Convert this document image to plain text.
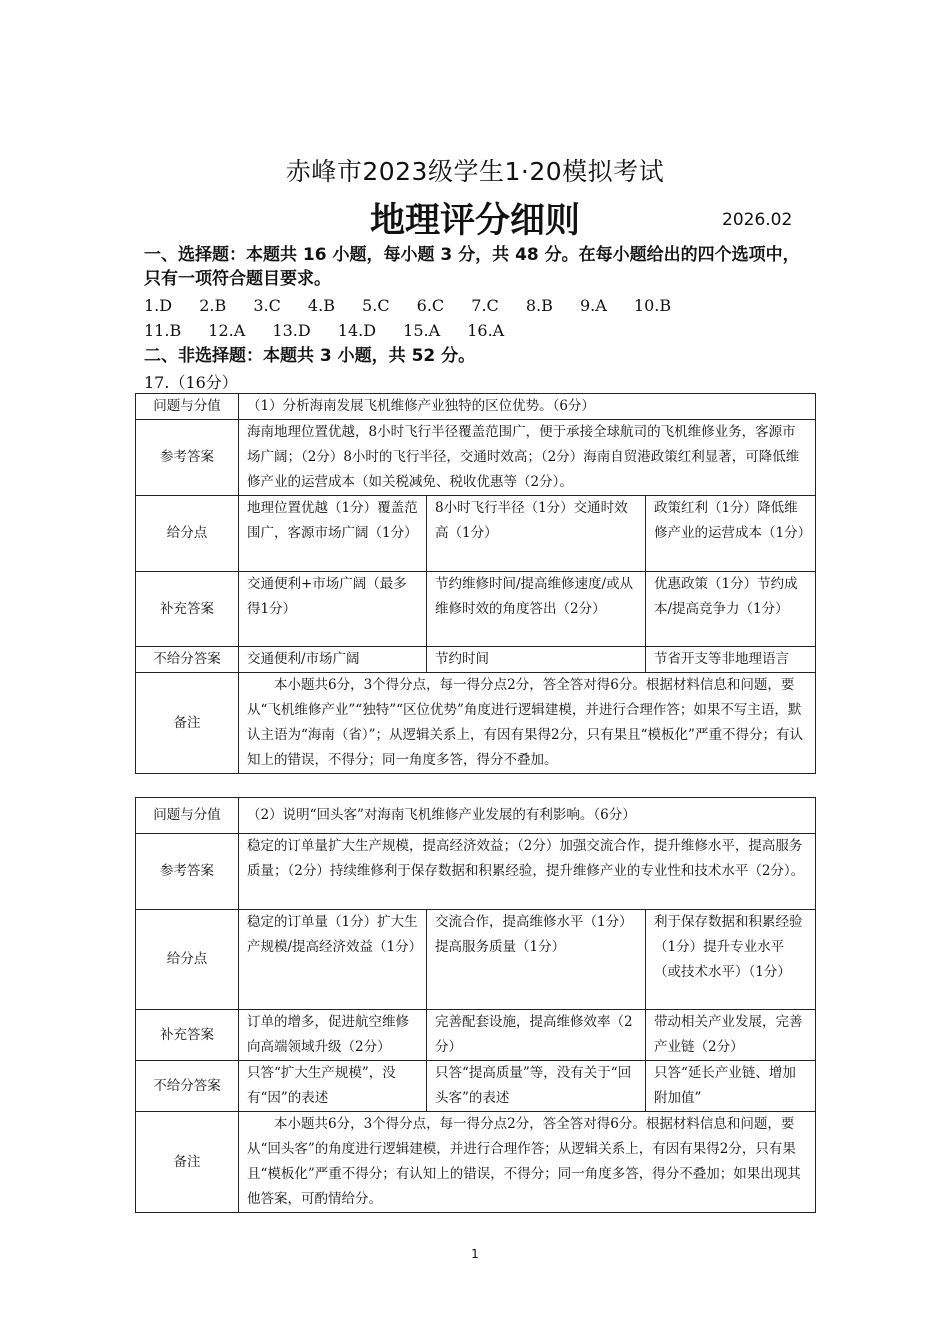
赤峰市2023级学生1·20模拟考试
地理评分细则	2026.02
一、选择题：本题共 16 小题，每小题 3 分，共 48 分。在每小题给出的四个选项中，只有一项符合题目要求。
1.D 2.B 3.C 4.B 5.C 6.C 7.C 8.B 9.A 10.B
11.B 12.A 13.D 14.D 15.A 16.A
二、非选择题：本题共 3 小题，共 52 分。
17.（16分）
问题与分值	（1）分析海南发展飞机维修产业独特的区位优势。（6分）		
参考答案	海南地理位置优越，8小时飞行半径覆盖范围广，便于承接全球航司的飞机维修业务，客源市场广阔；（2分）8小时的飞行半径，交通时效高；（2分）海南自贸港政策红利显著，可降低维修产业的运营成本（如关税减免、税收优惠等（2分）。		
给分点	地理位置优越（1分）覆盖范围广，客源市场广阔（1分）	8小时飞行半径（1分）交通时效高（1分）	政策红利（1分）降低维修产业的运营成本（1分）
补充答案	交通便利+市场广阔（最多得1分）	节约维修时间/提高维修速度/或从维修时效的角度答出（2分）	优惠政策（1分）节约成本/提高竞争力（1分）
不给分答案	交通便利/市场广阔	节约时间	节省开支等非地理语言
备注	本小题共6分，3个得分点，每一得分点2分，答全答对得6分。根据材料信息和问题，要从“飞机维修产业”“独特”“区位优势”角度进行逻辑建模，并进行合理作答；如果不写主语，默认主语为“海南（省）”；从逻辑关系上，有因有果得2分，只有果且“模板化”严重不得分；有认知上的错误，不得分；同一角度多答，得分不叠加。		
问题与分值	（2）说明“回头客”对海南飞机维修产业发展的有利影响。（6分）		
参考答案	稳定的订单量扩大生产规模，提高经济效益；（2分）加强交流合作，提升维修水平，提高服务质量；（2分）持续维修利于保存数据和积累经验，提升维修产业的专业性和技术水平（2分）。		
给分点	稳定的订单量（1分）扩大生产规模/提高经济效益（1分）	交流合作，提高维修水平（1分）提高服务质量（1分）	利于保存数据和积累经验（1分）提升专业水平（或技术水平）（1分）
补充答案	订单的增多，促进航空维修向高端领域升级（2分）	完善配套设施，提高维修效率（2分）	带动相关产业发展，完善产业链（2分）
不给分答案	只答“扩大生产规模”，没有“因”的表述	只答“提高质量”等，没有关于“回头客”的表述	只答“延长产业链、增加附加值”
备注	本小题共6分，3个得分点，每一得分点2分，答全答对得6分。根据材料信息和问题，要从“回头客”的角度进行逻辑建模，并进行合理作答；从逻辑关系上，有因有果得2分，只有果且“模板化”严重不得分；有认知上的错误，不得分；同一角度多答，得分不叠加；如果出现其他答案，可酌情给分。		
1
